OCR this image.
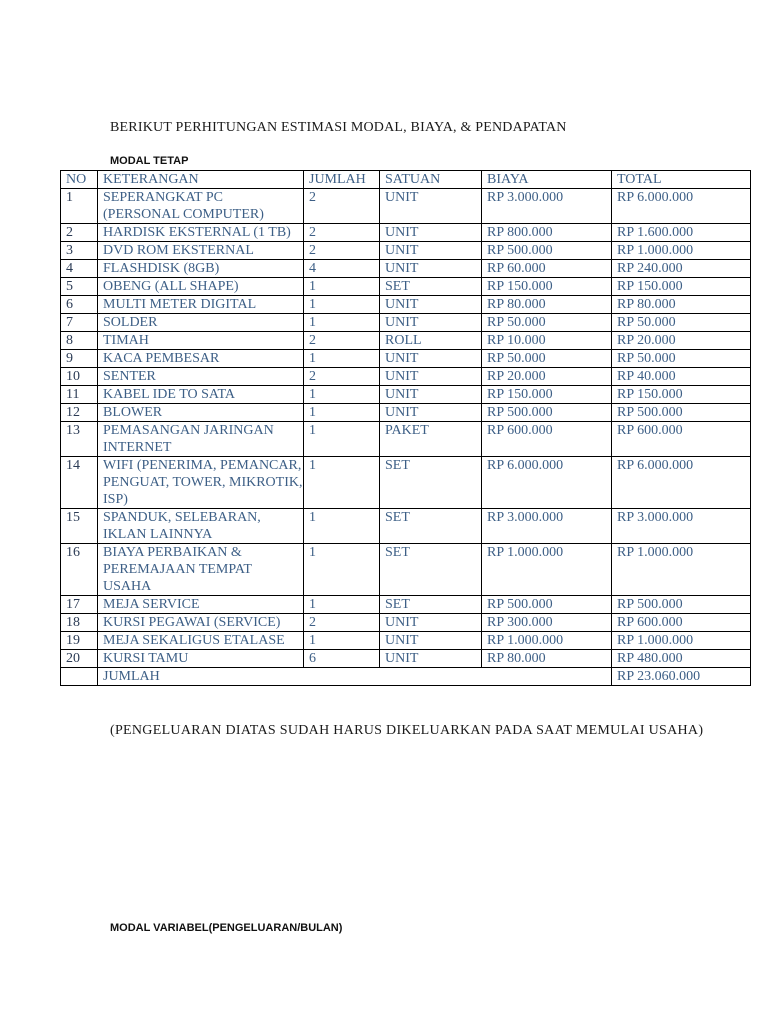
BERIKUT PERHITUNGAN ESTIMASI MODAL, BIAYA, & PENDAPATAN
MODAL TETAP
NO	KETERANGAN	JUMLAH	SATUAN	BIAYA	TOTAL
1	SEPERANGKAT PC (PERSONAL COMPUTER)	2	UNIT	RP 3.000.000	RP 6.000.000
2	HARDISK EKSTERNAL (1 TB)	2	UNIT	RP 800.000	RP 1.600.000
3	DVD ROM EKSTERNAL	2	UNIT	RP 500.000	RP 1.000.000
4	FLASHDISK (8GB)	4	UNIT	RP 60.000	RP 240.000
5	OBENG (ALL SHAPE)	1	SET	RP 150.000	RP 150.000
6	MULTI METER DIGITAL	1	UNIT	RP 80.000	RP 80.000
7	SOLDER	1	UNIT	RP 50.000	RP 50.000
8	TIMAH	2	ROLL	RP 10.000	RP 20.000
9	KACA PEMBESAR	1	UNIT	RP 50.000	RP 50.000
10	SENTER	2	UNIT	RP 20.000	RP 40.000
11	KABEL IDE TO SATA	1	UNIT	RP 150.000	RP 150.000
12	BLOWER	1	UNIT	RP 500.000	RP 500.000
13	PEMASANGAN JARINGAN INTERNET	1	PAKET	RP 600.000	RP 600.000
14	WIFI (PENERIMA, PEMANCAR, PENGUAT, TOWER, MIKROTIK, ISP)	1	SET	RP 6.000.000	RP 6.000.000
15	SPANDUK, SELEBARAN, IKLAN LAINNYA	1	SET	RP 3.000.000	RP 3.000.000
16	BIAYA PERBAIKAN & PEREMAJAAN TEMPAT USAHA	1	SET	RP 1.000.000	RP 1.000.000
17	MEJA SERVICE	1	SET	RP 500.000	RP 500.000
18	KURSI PEGAWAI (SERVICE)	2	UNIT	RP 300.000	RP 600.000
19	MEJA SEKALIGUS ETALASE	1	UNIT	RP 1.000.000	RP 1.000.000
20	KURSI TAMU	6	UNIT	RP 80.000	RP 480.000
	JUMLAH				RP 23.060.000
(PENGELUARAN DIATAS SUDAH HARUS DIKELUARKAN PADA SAAT MEMULAI USAHA)
MODAL VARIABEL(PENGELUARAN/BULAN)
